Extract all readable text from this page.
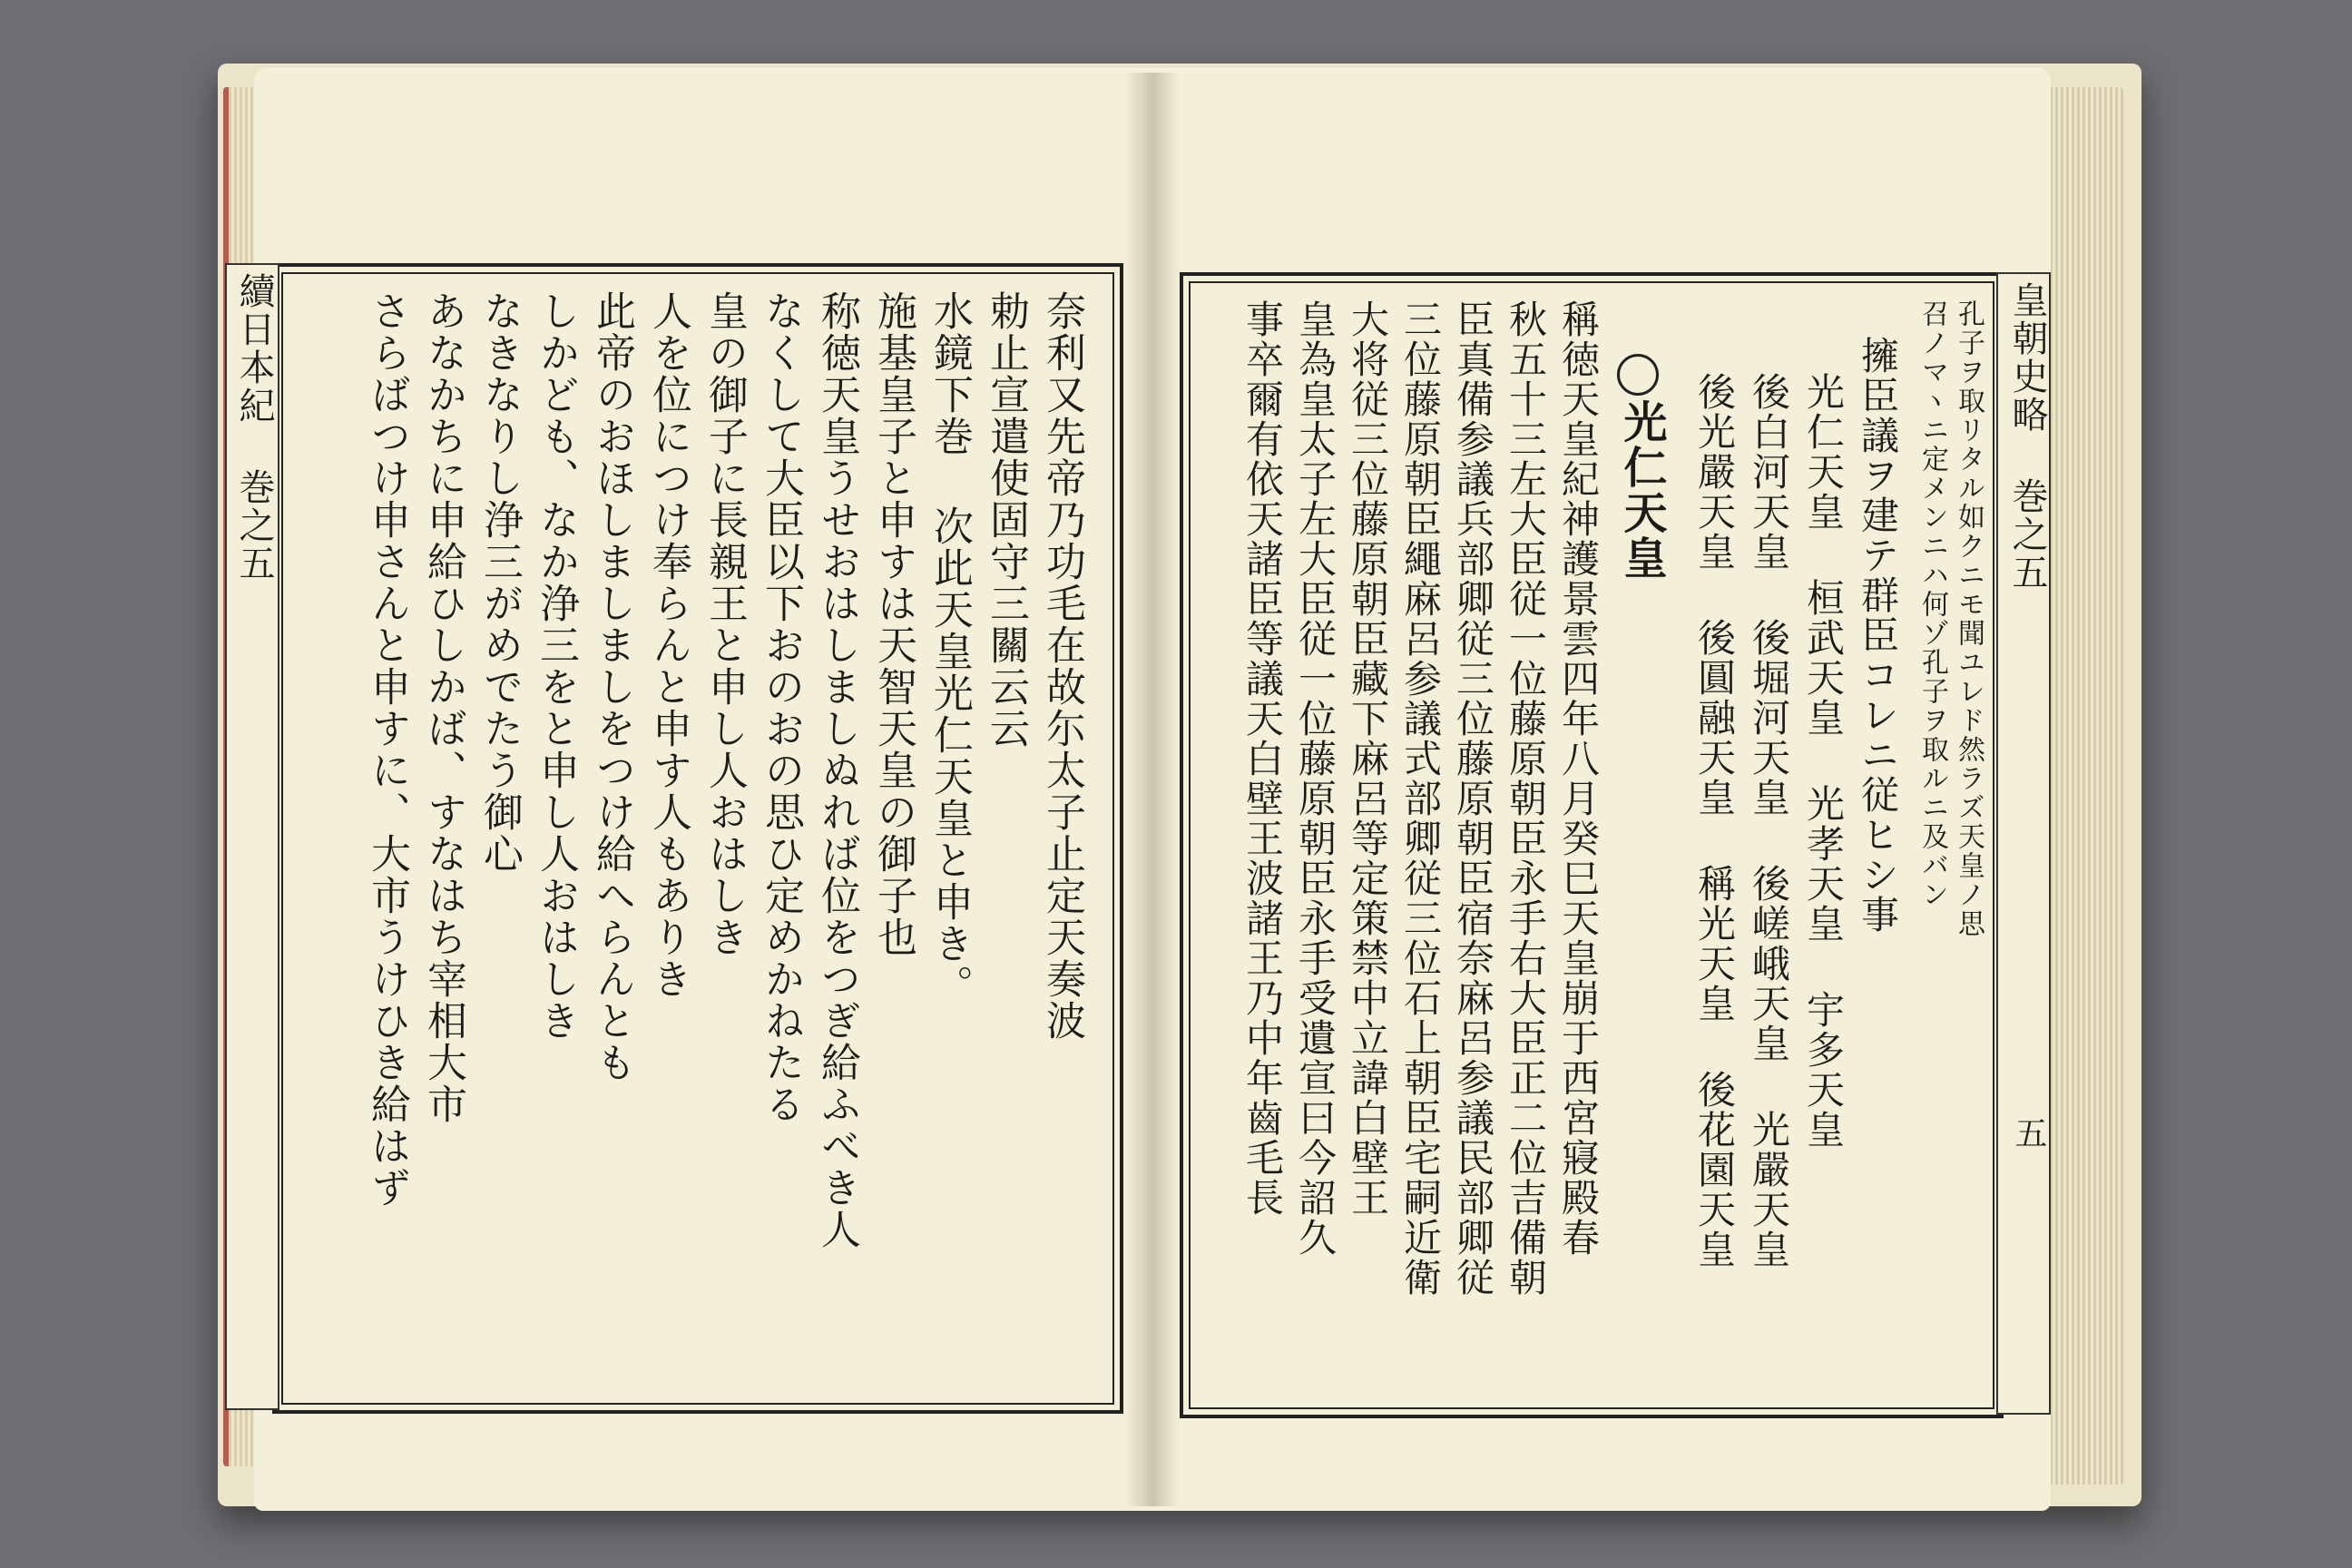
續日本紀 巻之五	皇朝史略 巻之五
五
奈利又先帝乃功毛在故尓太子止定天奏波
勅止宣遣使固守三關云云
水鏡下巻 次此天皇光仁天皇と申き。
施基皇子と申すは天智天皇の御子也
称徳天皇うせおはしましぬれば位をつぎ給ふべき人
なくして大臣以下おのおの思ひ定めかねたる
皇の御子に長親王と申し人おはしき
人を位につけ奉らんと申す人もありき
此帝のおほしましましをつけ給へらんとも
しかども、なか浄三をと申し人おはしき
なきなりし浄三がめでたう御心
あなかちに申給ひしかば、すなはち宰相大市
さらばつけ申さんと申すに、大市うけひき給はず	孔子ヲ取リタル如クニモ聞ユレド然ラズ天皇ノ思
召ノマヽニ定メンニハ何ゾ孔子ヲ取ルニ及バン
擁臣議ヲ建テ群臣コレニ従ヒシ事
光仁天皇 桓武天皇 光孝天皇 宇多天皇
後白河天皇 後堀河天皇 後嵯峨天皇 光嚴天皇
後光嚴天皇 後圓融天皇 稱光天皇 後花園天皇
光仁天皇
稱徳天皇紀神護景雲四年八月癸巳天皇崩于西宮寢殿春
秋五十三左大臣従一位藤原朝臣永手右大臣正二位吉備朝
臣真備参議兵部卿従三位藤原朝臣宿奈麻呂参議民部卿従
三位藤原朝臣繩麻呂参議式部卿従三位石上朝臣宅嗣近衛
大将従三位藤原朝臣藏下麻呂等定策禁中立諱白壁王
皇為皇太子左大臣従一位藤原朝臣永手受遺宣曰今詔久
事卒爾有依天諸臣等議天白壁王波諸王乃中年齒毛長
